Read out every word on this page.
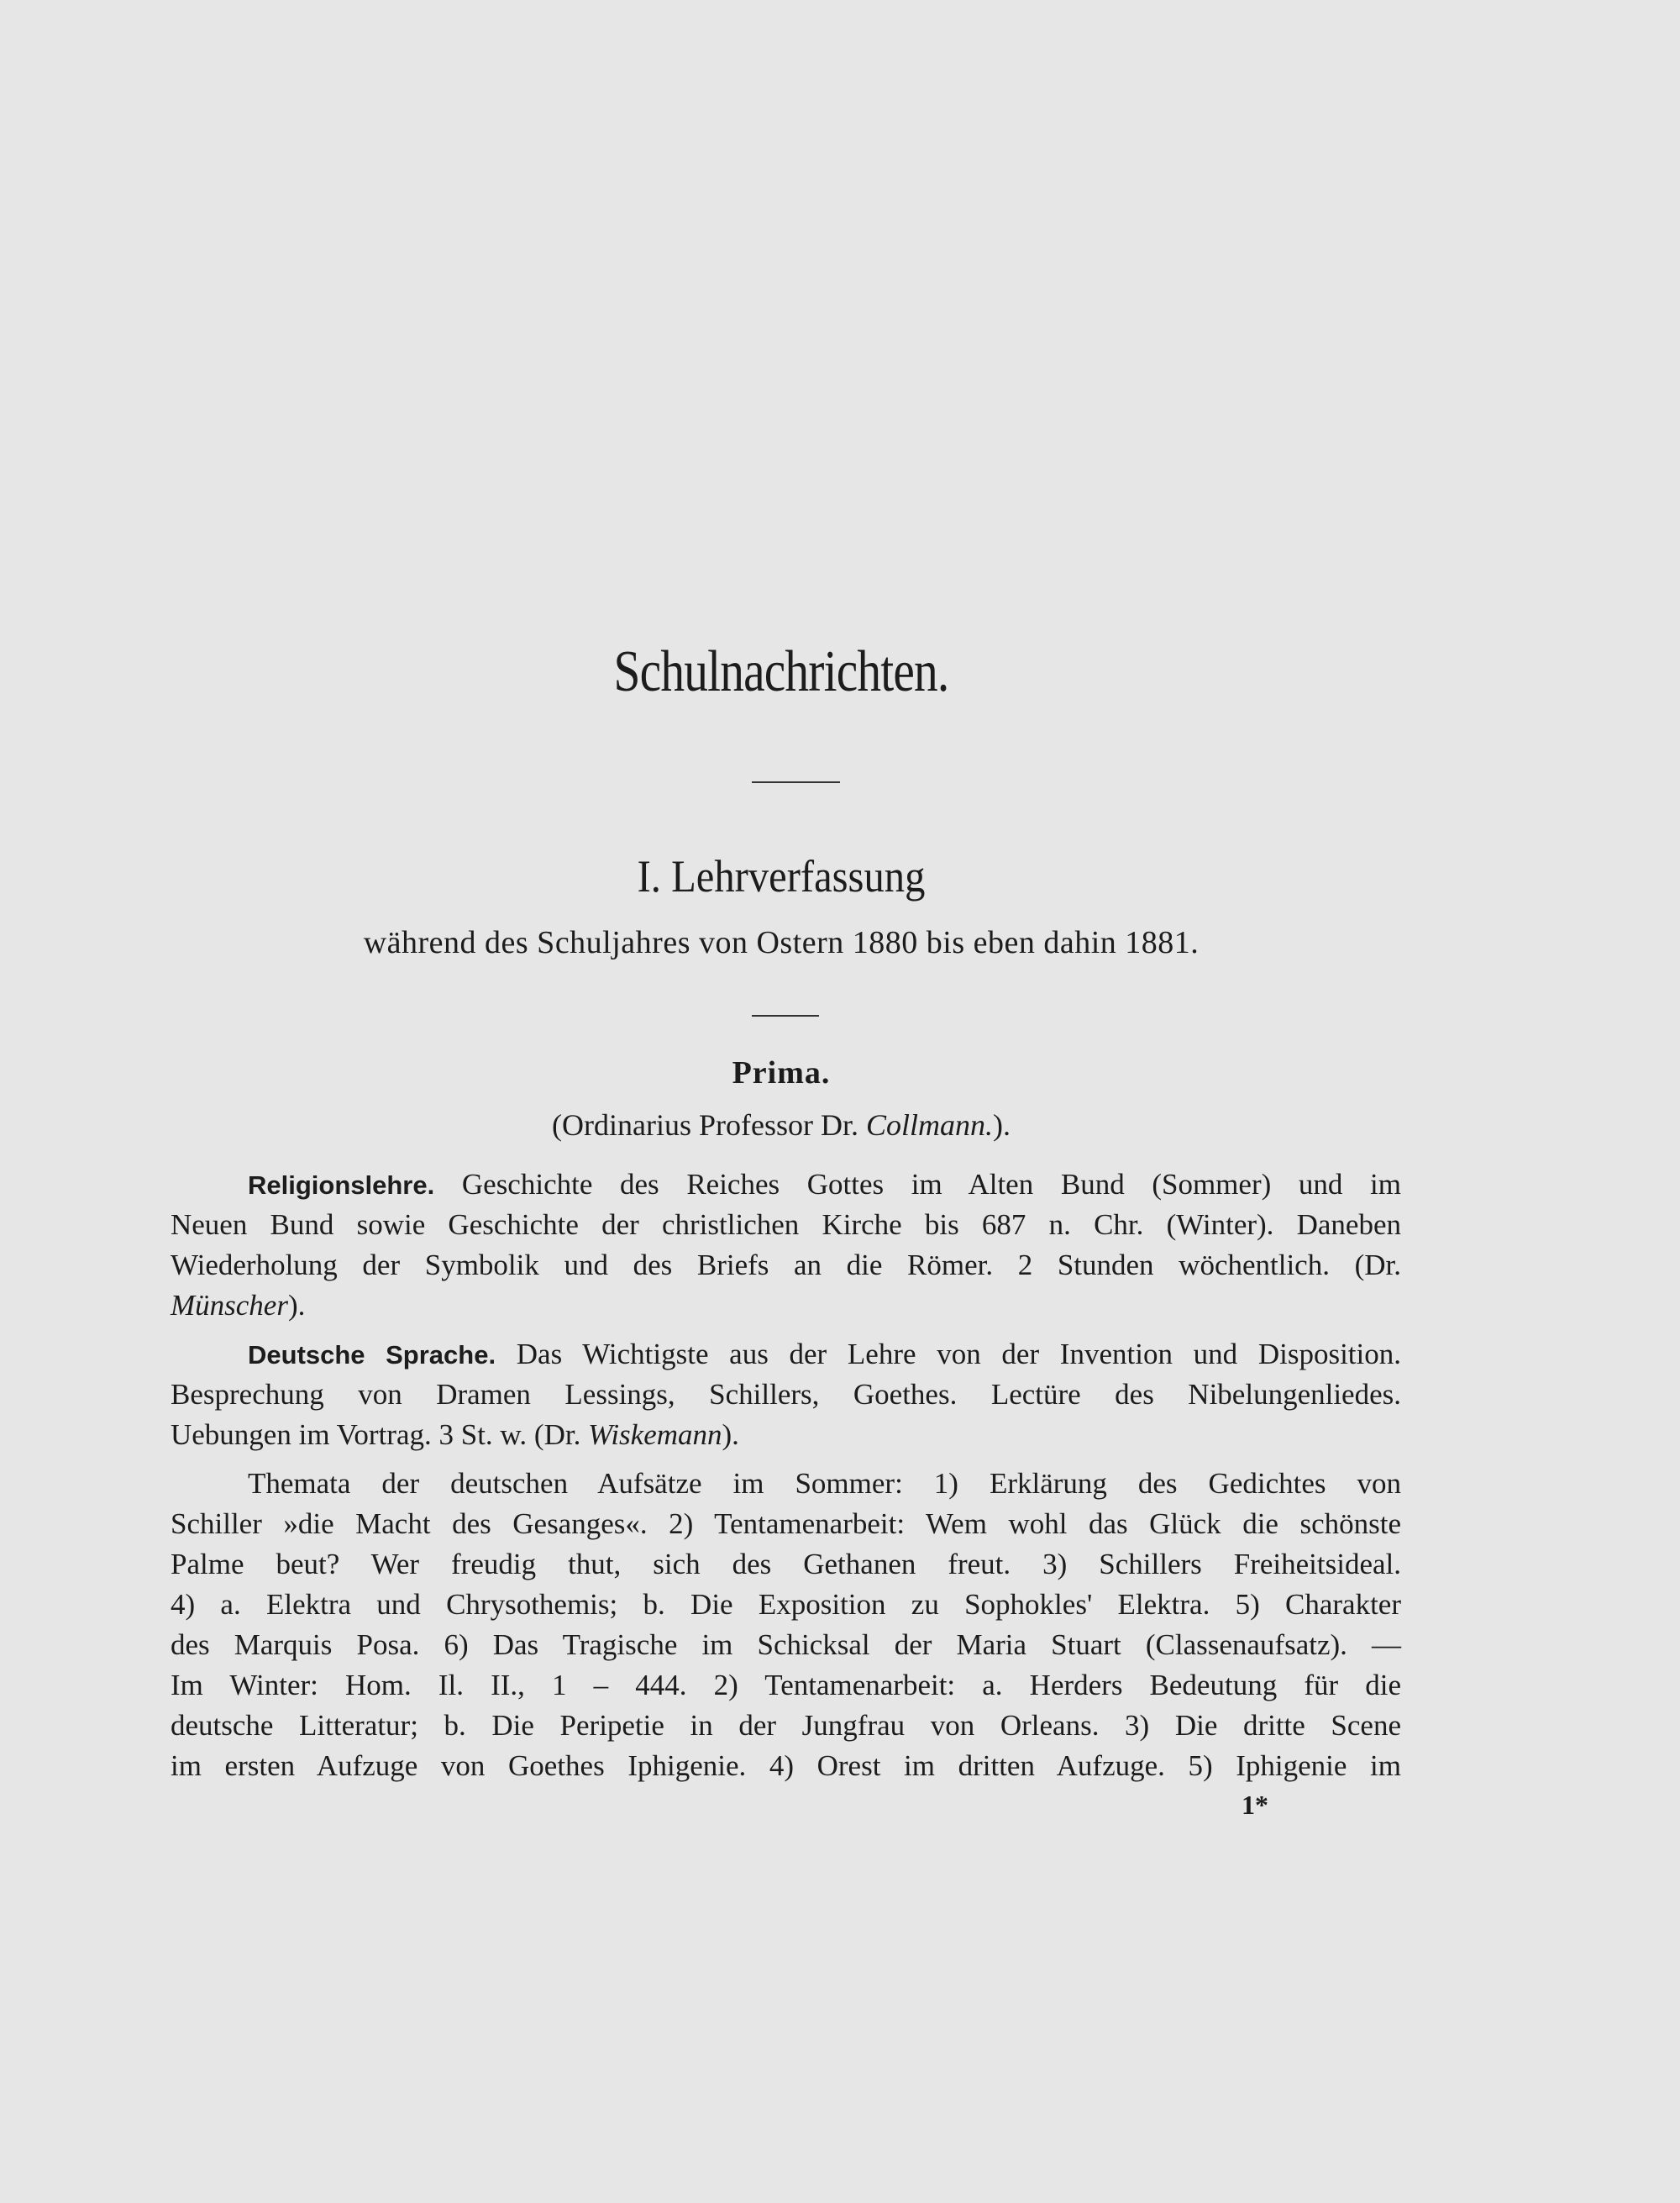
Schulnachrichten.
I. Lehrverfassung
während des Schuljahres von Ostern 1880 bis eben dahin 1881.
Prima.
(Ordinarius Professor Dr. Collmann.).
Religionslehre. Geschichte des Reiches Gottes im Alten Bund (Sommer) und im
Neuen Bund sowie Geschichte der christlichen Kirche bis 687 n. Chr. (Winter). Daneben
Wiederholung der Symbolik und des Briefs an die Römer. 2 Stunden wöchentlich. (Dr.
Münscher).
Deutsche Sprache. Das Wichtigste aus der Lehre von der Invention und Disposition.
Besprechung von Dramen Lessings, Schillers, Goethes. Lectüre des Nibelungenliedes.
Uebungen im Vortrag. 3 St. w. (Dr. Wiskemann).
Themata der deutschen Aufsätze im Sommer: 1) Erklärung des Gedichtes von
Schiller »die Macht des Gesanges«. 2) Tentamenarbeit: Wem wohl das Glück die schönste
Palme beut? Wer freudig thut, sich des Gethanen freut. 3) Schillers Freiheitsideal.
4) a. Elektra und Chrysothemis; b. Die Exposition zu Sophokles' Elektra. 5) Charakter
des Marquis Posa. 6) Das Tragische im Schicksal der Maria Stuart (Classenaufsatz). —
Im Winter: Hom. Il. II., 1 – 444. 2) Tentamenarbeit: a. Herders Bedeutung für die
deutsche Litteratur; b. Die Peripetie in der Jungfrau von Orleans. 3) Die dritte Scene
im ersten Aufzuge von Goethes Iphigenie. 4) Orest im dritten Aufzuge. 5) Iphigenie im
1*
